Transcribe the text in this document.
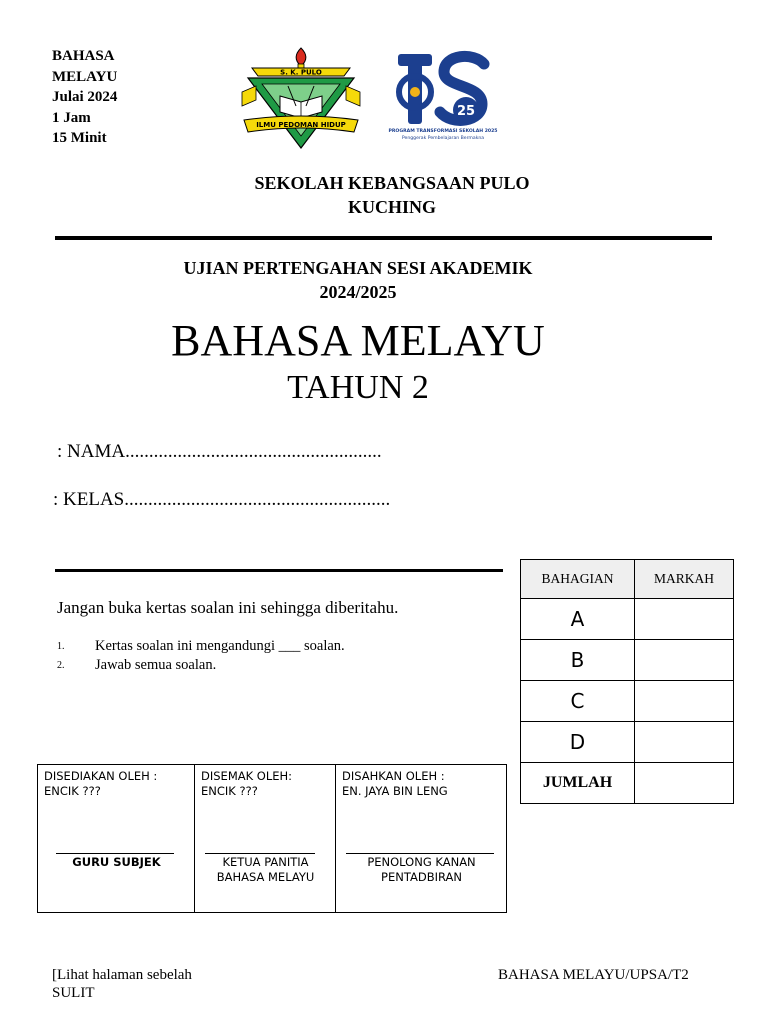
BAHASA
MELAYU
Julai 2024
1 Jam
15 Minit
S. K. PULO
ILMU PEDOMAN HIDUP
25
PROGRAM TRANSFORMASI SEKOLAH 2025
Penggerak Pembelajaran Bermakna
SEKOLAH KEBANGSAAN PULO
KUCHING
UJIAN PERTENGAHAN SESI AKADEMIK
2024/2025
BAHASA MELAYU
TAHUN 2
: NAMA......................................................
: KELAS........................................................
Jangan buka kertas soalan ini sehingga diberitahu.
1. Kertas soalan ini mengandungi ___ soalan.
2. Jawab semua soalan.
BAHAGIAN	MARKAH
A	
B	
C	
D	
JUMLAH	
DISEDIAKAN OLEH :
ENCIK ???
GURU SUBJEK

DISEMAK OLEH:
ENCIK ???
KETUA PANITIA
BAHASA MELAYU

DISAHKAN OLEH :
EN. JAYA BIN LENG
PENOLONG KANAN
PENTADBIRAN
[Lihat halaman sebelah
SULIT
BAHASA MELAYU/UPSA/T2
